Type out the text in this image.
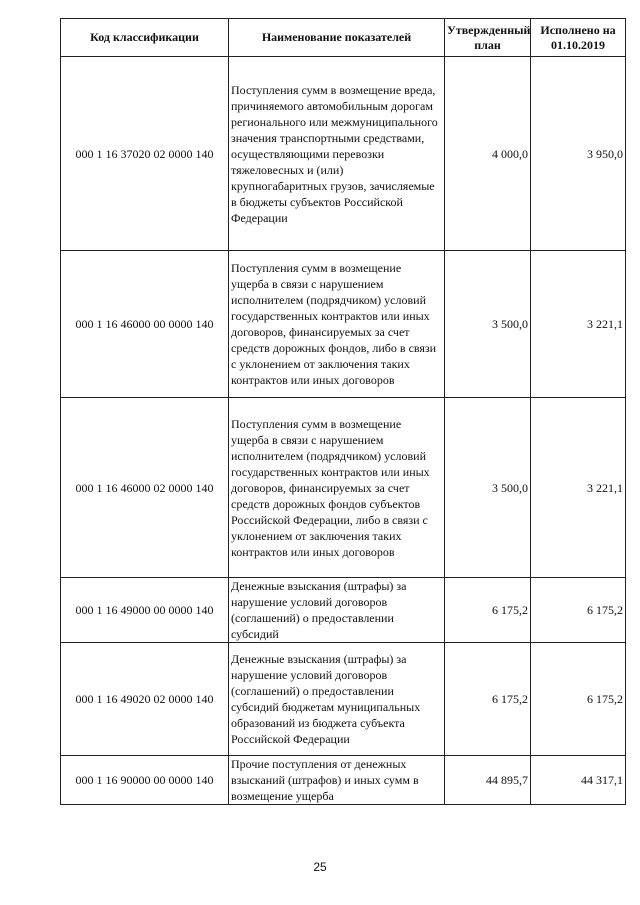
Код классификации	Наименование показателей	Утвержденный план	Исполнено на 01.10.2019
000 1 16 37020 02 0000 140	Поступления сумм в возмещение вреда, причиняемого автомобильным дорогам регионального или межмуниципального значения транспортными средствами, осуществляющими перевозки тяжеловесных и (или) крупногабаритных грузов, зачисляемые в бюджеты субъектов Российской Федерации	4 000,0	3 950,0
000 1 16 46000 00 0000 140	Поступления сумм в возмещение ущерба в связи с нарушением исполнителем (подрядчиком) условий государственных контрактов или иных договоров, финансируемых за счет средств дорожных фондов, либо в связи с уклонением от заключения таких контрактов или иных договоров	3 500,0	3 221,1
000 1 16 46000 02 0000 140	Поступления сумм в возмещение ущерба в связи с нарушением исполнителем (подрядчиком) условий государственных контрактов или иных договоров, финансируемых за счет средств дорожных фондов субъектов Российской Федерации, либо в связи с уклонением от заключения таких контрактов или иных договоров	3 500,0	3 221,1
000 1 16 49000 00 0000 140	Денежные взыскания (штрафы) за нарушение условий договоров (соглашений) о предоставлении субсидий	6 175,2	6 175,2
000 1 16 49020 02 0000 140	Денежные взыскания (штрафы) за нарушение условий договоров (соглашений) о предоставлении субсидий бюджетам муниципальных образований из бюджета субъекта Российской Федерации	6 175,2	6 175,2
000 1 16 90000 00 0000 140	Прочие поступления от денежных взысканий (штрафов) и иных сумм в возмещение ущерба	44 895,7	44 317,1
25
